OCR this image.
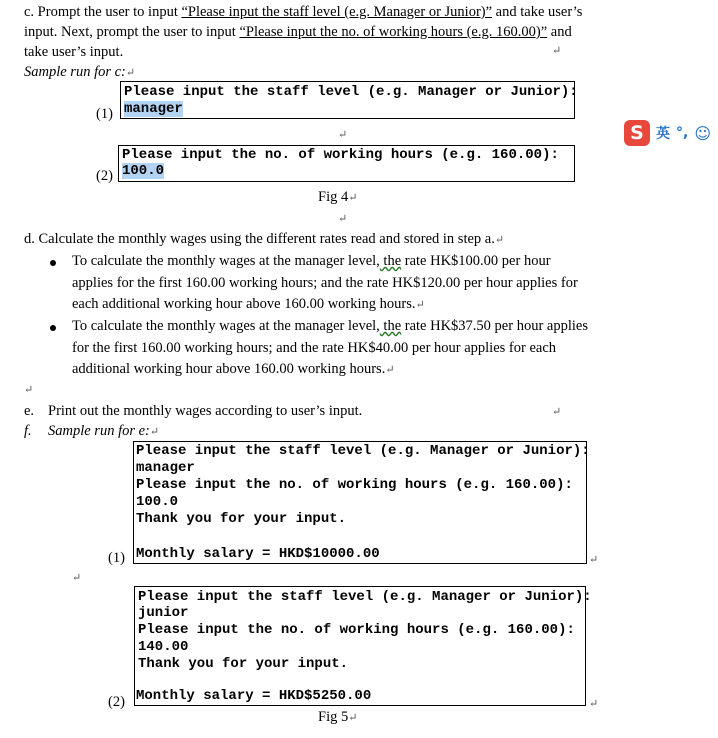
c. Prompt the user to input “Please input the staff level (e.g. Manager or Junior)” and take user’s
input. Next, prompt the user to input “Please input the no. of working hours (e.g. 160.00)” and
take user’s input.	↵
Sample run for c:↵
(1)
Please input the staff level (e.g. Manager or Junior):
manager
↵	S 英 °, ☺
(2)
Please input the no. of working hours (e.g. 160.00):
100.0
Fig 4↵
↵
d. Calculate the monthly wages using the different rates read and stored in step a.↵
To calculate the monthly wages at the manager level, the rate HK$100.00 per hour
applies for the first 160.00 working hours; and the rate HK$120.00 per hour applies for
each additional working hour above 160.00 working hours.↵
To calculate the monthly wages at the manager level, the rate HK$37.50 per hour applies
for the first 160.00 working hours; and the rate HK$40.00 per hour applies for each
additional working hour above 160.00 working hours.↵
↵
e. Print out the monthly wages according to user’s input.	↵
f. Sample run for e:↵
Please input the staff level (e.g. Manager or Junior):
manager
Please input the no. of working hours (e.g. 160.00):
100.0
Thank you for your input.
Monthly salary = HKD$10000.00
(1)	↵
↵
Please input the staff level (e.g. Manager or Junior):
junior
Please input the no. of working hours (e.g. 160.00):
140.00
Thank you for your input.
Monthly salary = HKD$5250.00
(2)	↵
Fig 5↵
